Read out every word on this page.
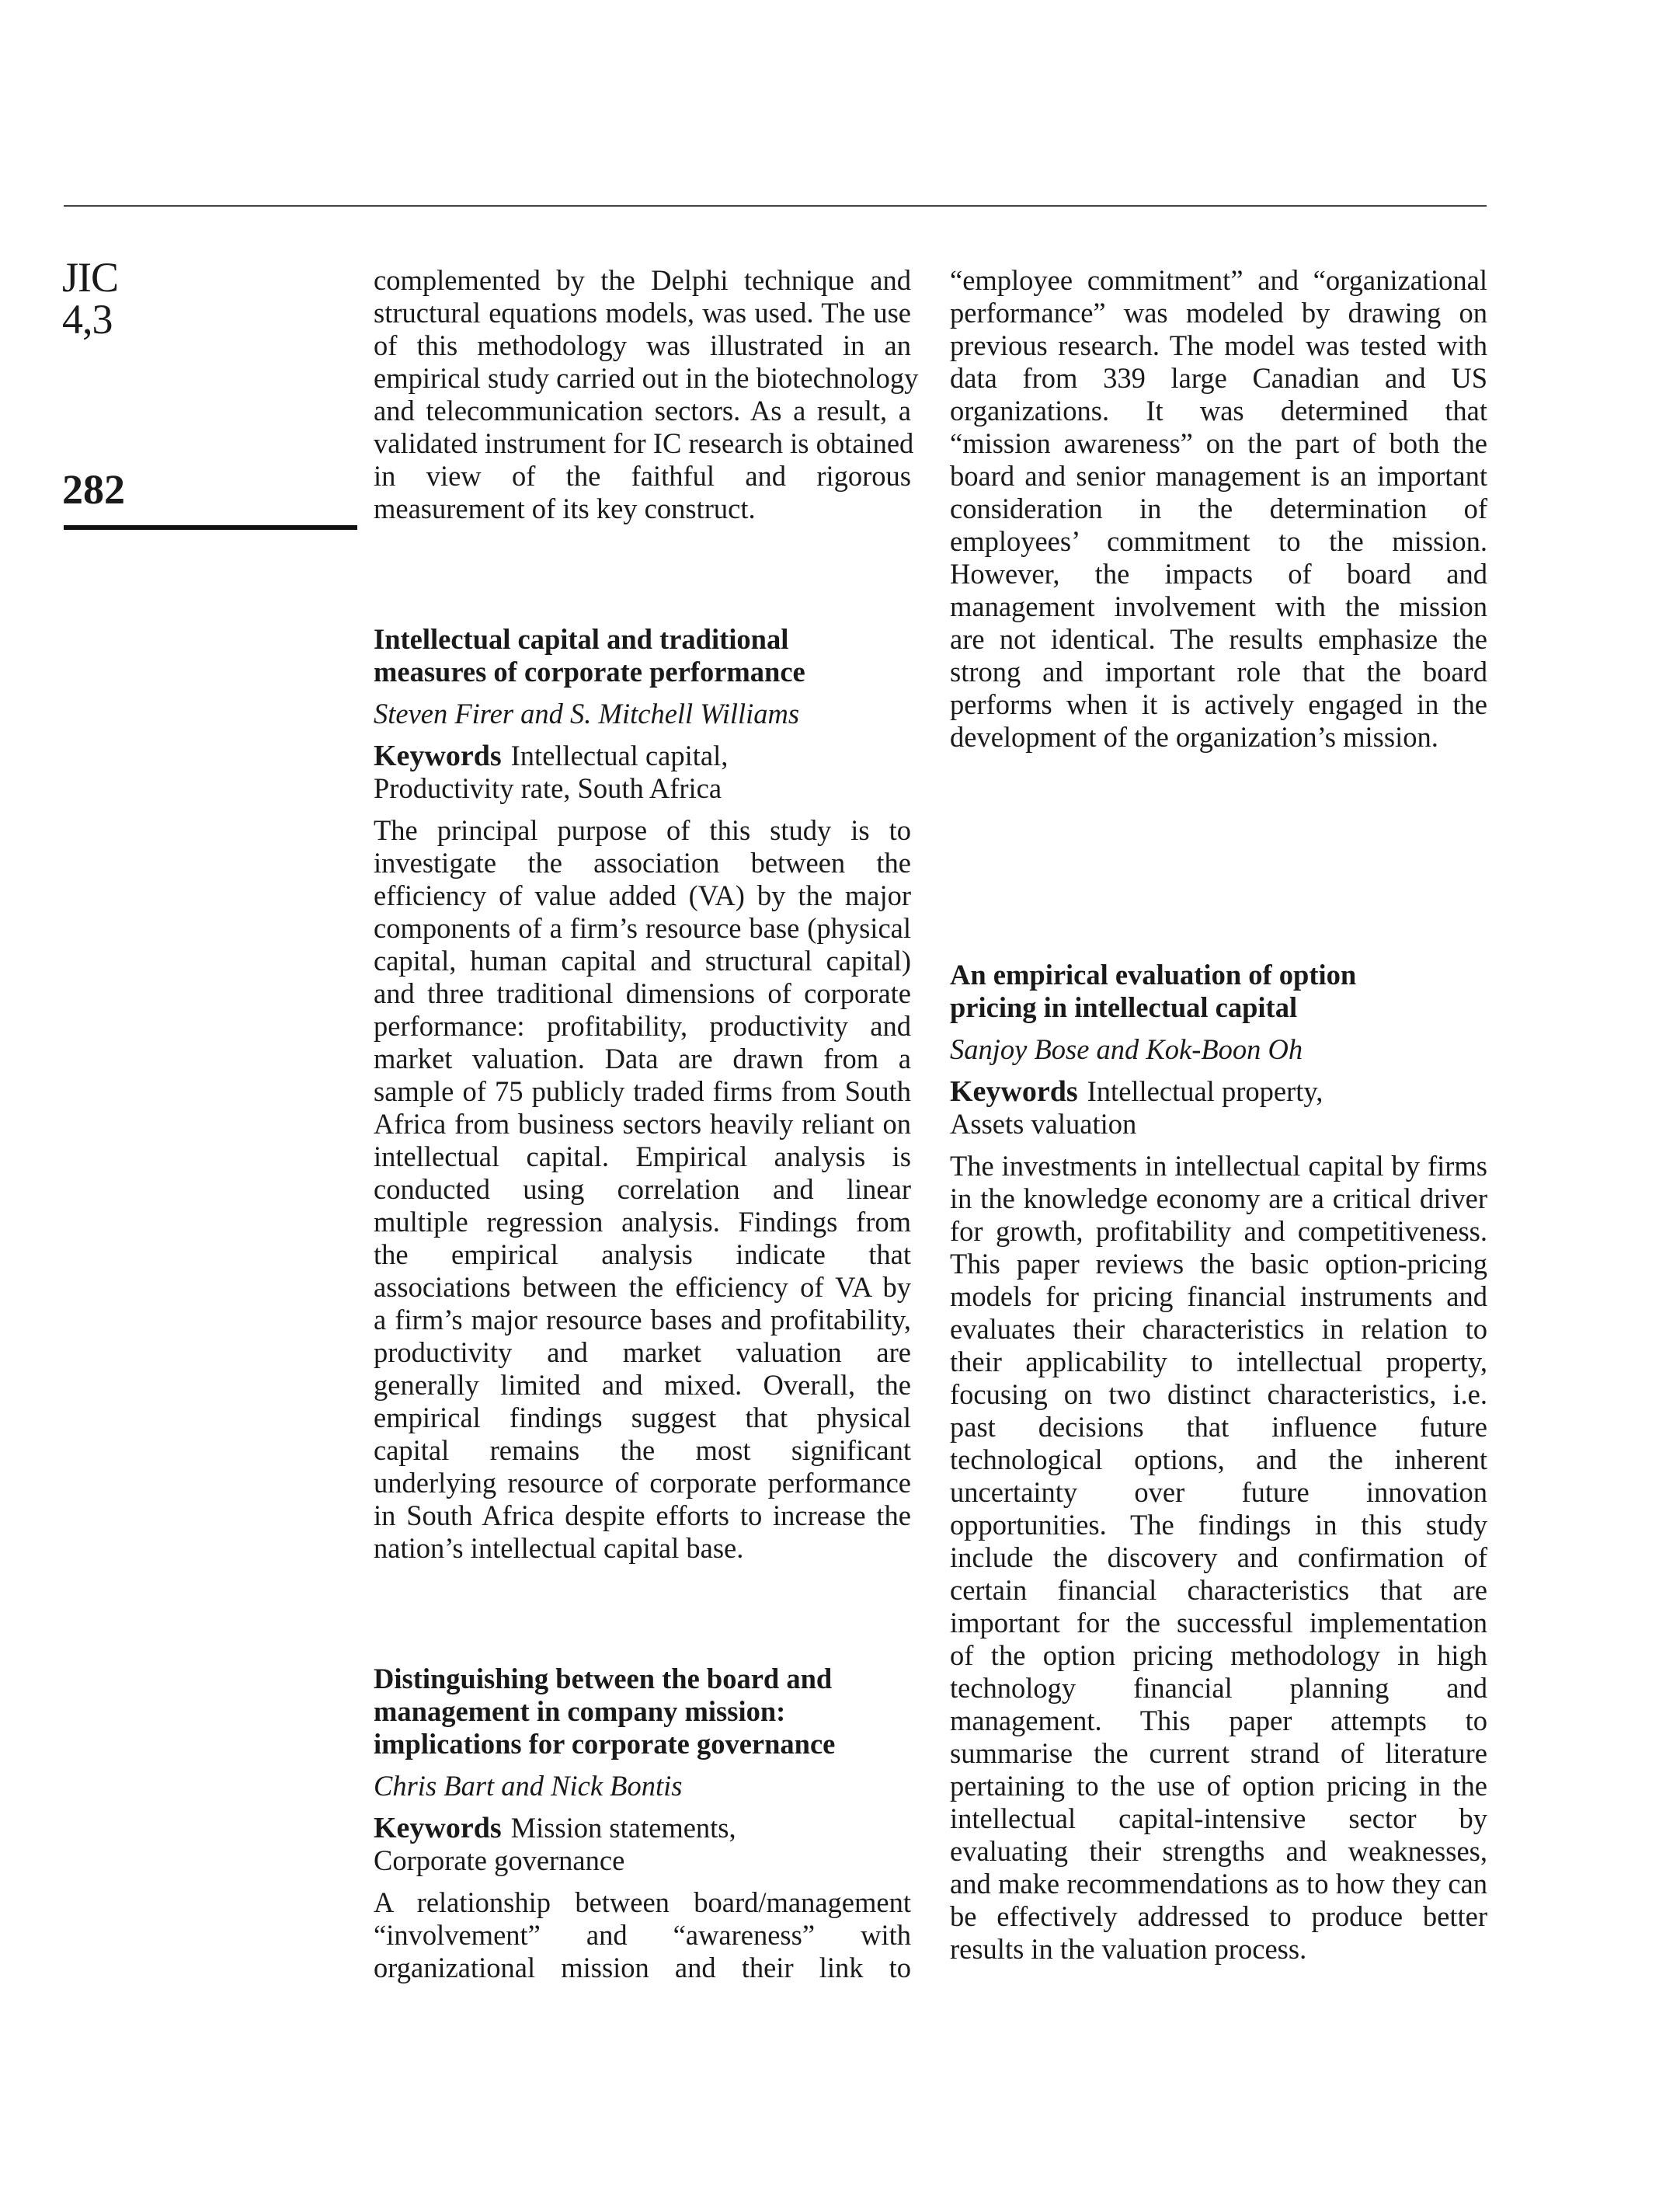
JIC
4,3
282
complemented by the Delphi technique and
structural equations models, was used. The use
of this methodology was illustrated in an
empirical study carried out in the biotechnology
and telecommunication sectors. As a result, a
validated instrument for IC research is obtained
in view of the faithful and rigorous
measurement of its key construct.

Intellectual capital and traditional
measures of corporate performance

Steven Firer and S. Mitchell Williams

Keywords Intellectual capital,
Productivity rate, South Africa

The principal purpose of this study is to
investigate the association between the
efficiency of value added (VA) by the major
components of a firm’s resource base (physical
capital, human capital and structural capital)
and three traditional dimensions of corporate
performance: profitability, productivity and
market valuation. Data are drawn from a
sample of 75 publicly traded firms from South
Africa from business sectors heavily reliant on
intellectual capital. Empirical analysis is
conducted using correlation and linear
multiple regression analysis. Findings from
the empirical analysis indicate that
associations between the efficiency of VA by
a firm’s major resource bases and profitability,
productivity and market valuation are
generally limited and mixed. Overall, the
empirical findings suggest that physical
capital remains the most significant
underlying resource of corporate performance
in South Africa despite efforts to increase the
nation’s intellectual capital base.

Distinguishing between the board and
management in company mission:
implications for corporate governance

Chris Bart and Nick Bontis

Keywords Mission statements,
Corporate governance

A relationship between board/management
“involvement” and “awareness” with
organizational mission and their link to
“employee commitment” and “organizational
performance” was modeled by drawing on
previous research. The model was tested with
data from 339 large Canadian and US
organizations. It was determined that
“mission awareness” on the part of both the
board and senior management is an important
consideration in the determination of
employees’ commitment to the mission.
However, the impacts of board and
management involvement with the mission
are not identical. The results emphasize the
strong and important role that the board
performs when it is actively engaged in the
development of the organization’s mission.

An empirical evaluation of option
pricing in intellectual capital

Sanjoy Bose and Kok-Boon Oh

Keywords Intellectual property,
Assets valuation

The investments in intellectual capital by firms
in the knowledge economy are a critical driver
for growth, profitability and competitiveness.
This paper reviews the basic option-pricing
models for pricing financial instruments and
evaluates their characteristics in relation to
their applicability to intellectual property,
focusing on two distinct characteristics, i.e.
past decisions that influence future
technological options, and the inherent
uncertainty over future innovation
opportunities. The findings in this study
include the discovery and confirmation of
certain financial characteristics that are
important for the successful implementation
of the option pricing methodology in high
technology financial planning and
management. This paper attempts to
summarise the current strand of literature
pertaining to the use of option pricing in the
intellectual capital-intensive sector by
evaluating their strengths and weaknesses,
and make recommendations as to how they can
be effectively addressed to produce better
results in the valuation process.
